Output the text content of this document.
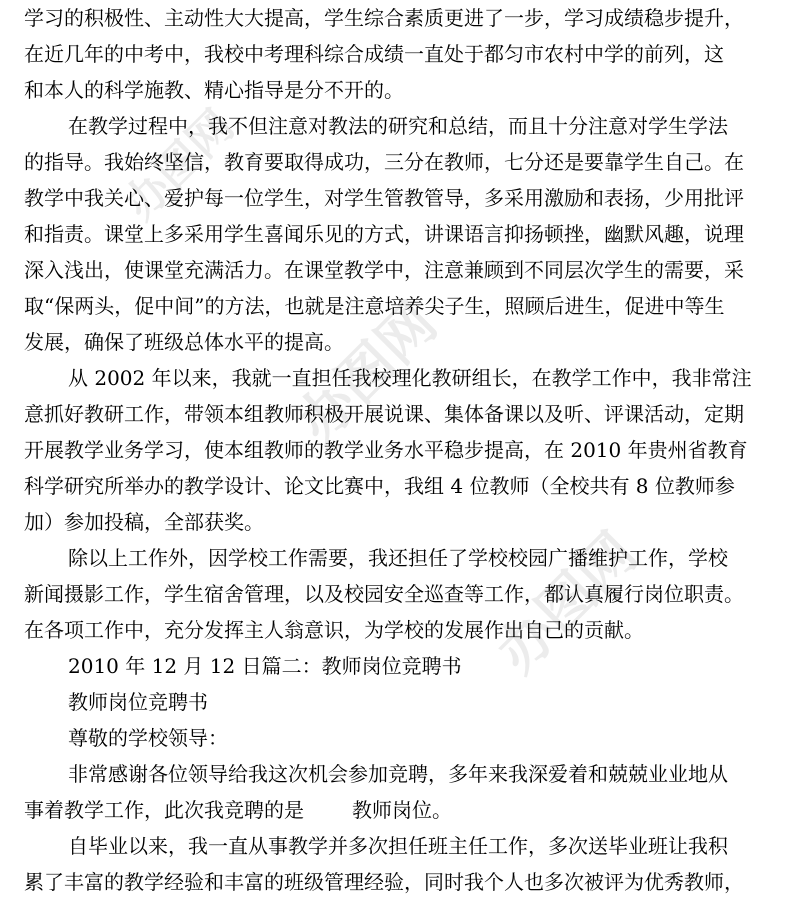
办图网
办图网
办图网
学习的积极性、主动性大大提高，学生综合素质更进了一步，学习成绩稳步提升，
在近几年的中考中，我校中考理科综合成绩一直处于都匀市农村中学的前列，这
和本人的科学施教、精心指导是分不开的。
在教学过程中，我不但注意对教法的研究和总结，而且十分注意对学生学法
的指导。我始终坚信，教育要取得成功，三分在教师，七分还是要靠学生自己。在
教学中我关心、爱护每一位学生，对学生管教管导，多采用激励和表扬，少用批评
和指责。课堂上多采用学生喜闻乐见的方式，讲课语言抑扬顿挫，幽默风趣，说理
深入浅出，使课堂充满活力。在课堂教学中，注意兼顾到不同层次学生的需要，采
取“保两头，促中间”的方法，也就是注意培养尖子生，照顾后进生，促进中等生
发展，确保了班级总体水平的提高。
从 2002 年以来，我就一直担任我校理化教研组长，在教学工作中，我非常注
意抓好教研工作，带领本组教师积极开展说课、集体备课以及听、评课活动，定期
开展教学业务学习，使本组教师的教学业务水平稳步提高，在 2010 年贵州省教育
科学研究所举办的教学设计、论文比赛中，我组 4 位教师（全校共有 8 位教师参
加）参加投稿，全部获奖。
除以上工作外，因学校工作需要，我还担任了学校校园广播维护工作，学校
新闻摄影工作，学生宿舍管理，以及校园安全巡查等工作，都认真履行岗位职责。
在各项工作中，充分发挥主人翁意识，为学校的发展作出自己的贡献。
2010 年 12 月 12 日篇二：教师岗位竞聘书
教师岗位竞聘书
尊敬的学校领导：
非常感谢各位领导给我这次机会参加竞聘，多年来我深爱着和兢兢业业地从
事着教学工作，此次我竞聘的是 教师岗位。
自毕业以来，我一直从事教学并多次担任班主任工作，多次送毕业班让我积
累了丰富的教学经验和丰富的班级管理经验，同时我个人也多次被评为优秀教师，
